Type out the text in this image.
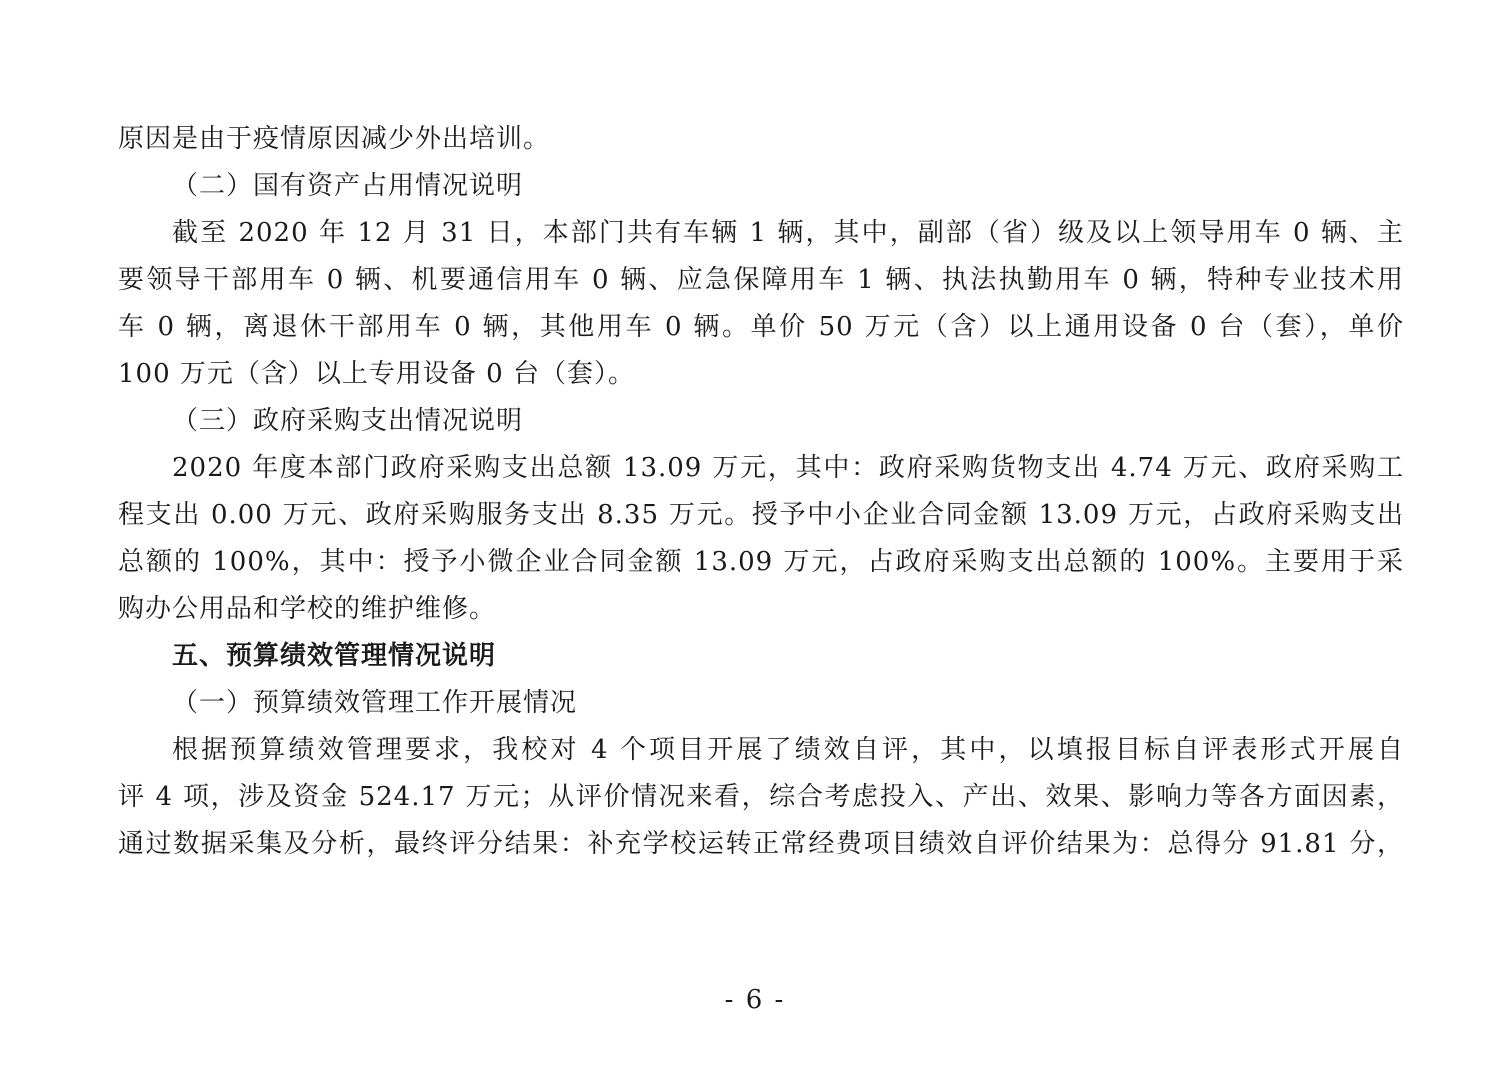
原因是由于疫情原因减少外出培训。
（二）国有资产占用情况说明
截至 2020 年 12 月 31 日，本部门共有车辆 1 辆，其中，副部（省）级及以上领导用车 0 辆、主
要领导干部用车 0 辆、机要通信用车 0 辆、应急保障用车 1 辆、执法执勤用车 0 辆，特种专业技术用
车 0 辆，离退休干部用车 0 辆，其他用车 0 辆。单价 50 万元（含）以上通用设备 0 台（套），单价
100 万元（含）以上专用设备 0 台（套）。
（三）政府采购支出情况说明
2020 年度本部门政府采购支出总额 13.09 万元，其中：政府采购货物支出 4.74 万元、政府采购工
程支出 0.00 万元、政府采购服务支出 8.35 万元。授予中小企业合同金额 13.09 万元，占政府采购支出
总额的 100%，其中：授予小微企业合同金额 13.09 万元，占政府采购支出总额的 100%。主要用于采
购办公用品和学校的维护维修。
五、预算绩效管理情况说明
（一）预算绩效管理工作开展情况
根据预算绩效管理要求，我校对 4 个项目开展了绩效自评，其中，以填报目标自评表形式开展自
评 4 项，涉及资金 524.17 万元；从评价情况来看，综合考虑投入、产出、效果、影响力等各方面因素，
通过数据采集及分析，最终评分结果：补充学校运转正常经费项目绩效自评价结果为：总得分 91.81 分，
- 6 -
